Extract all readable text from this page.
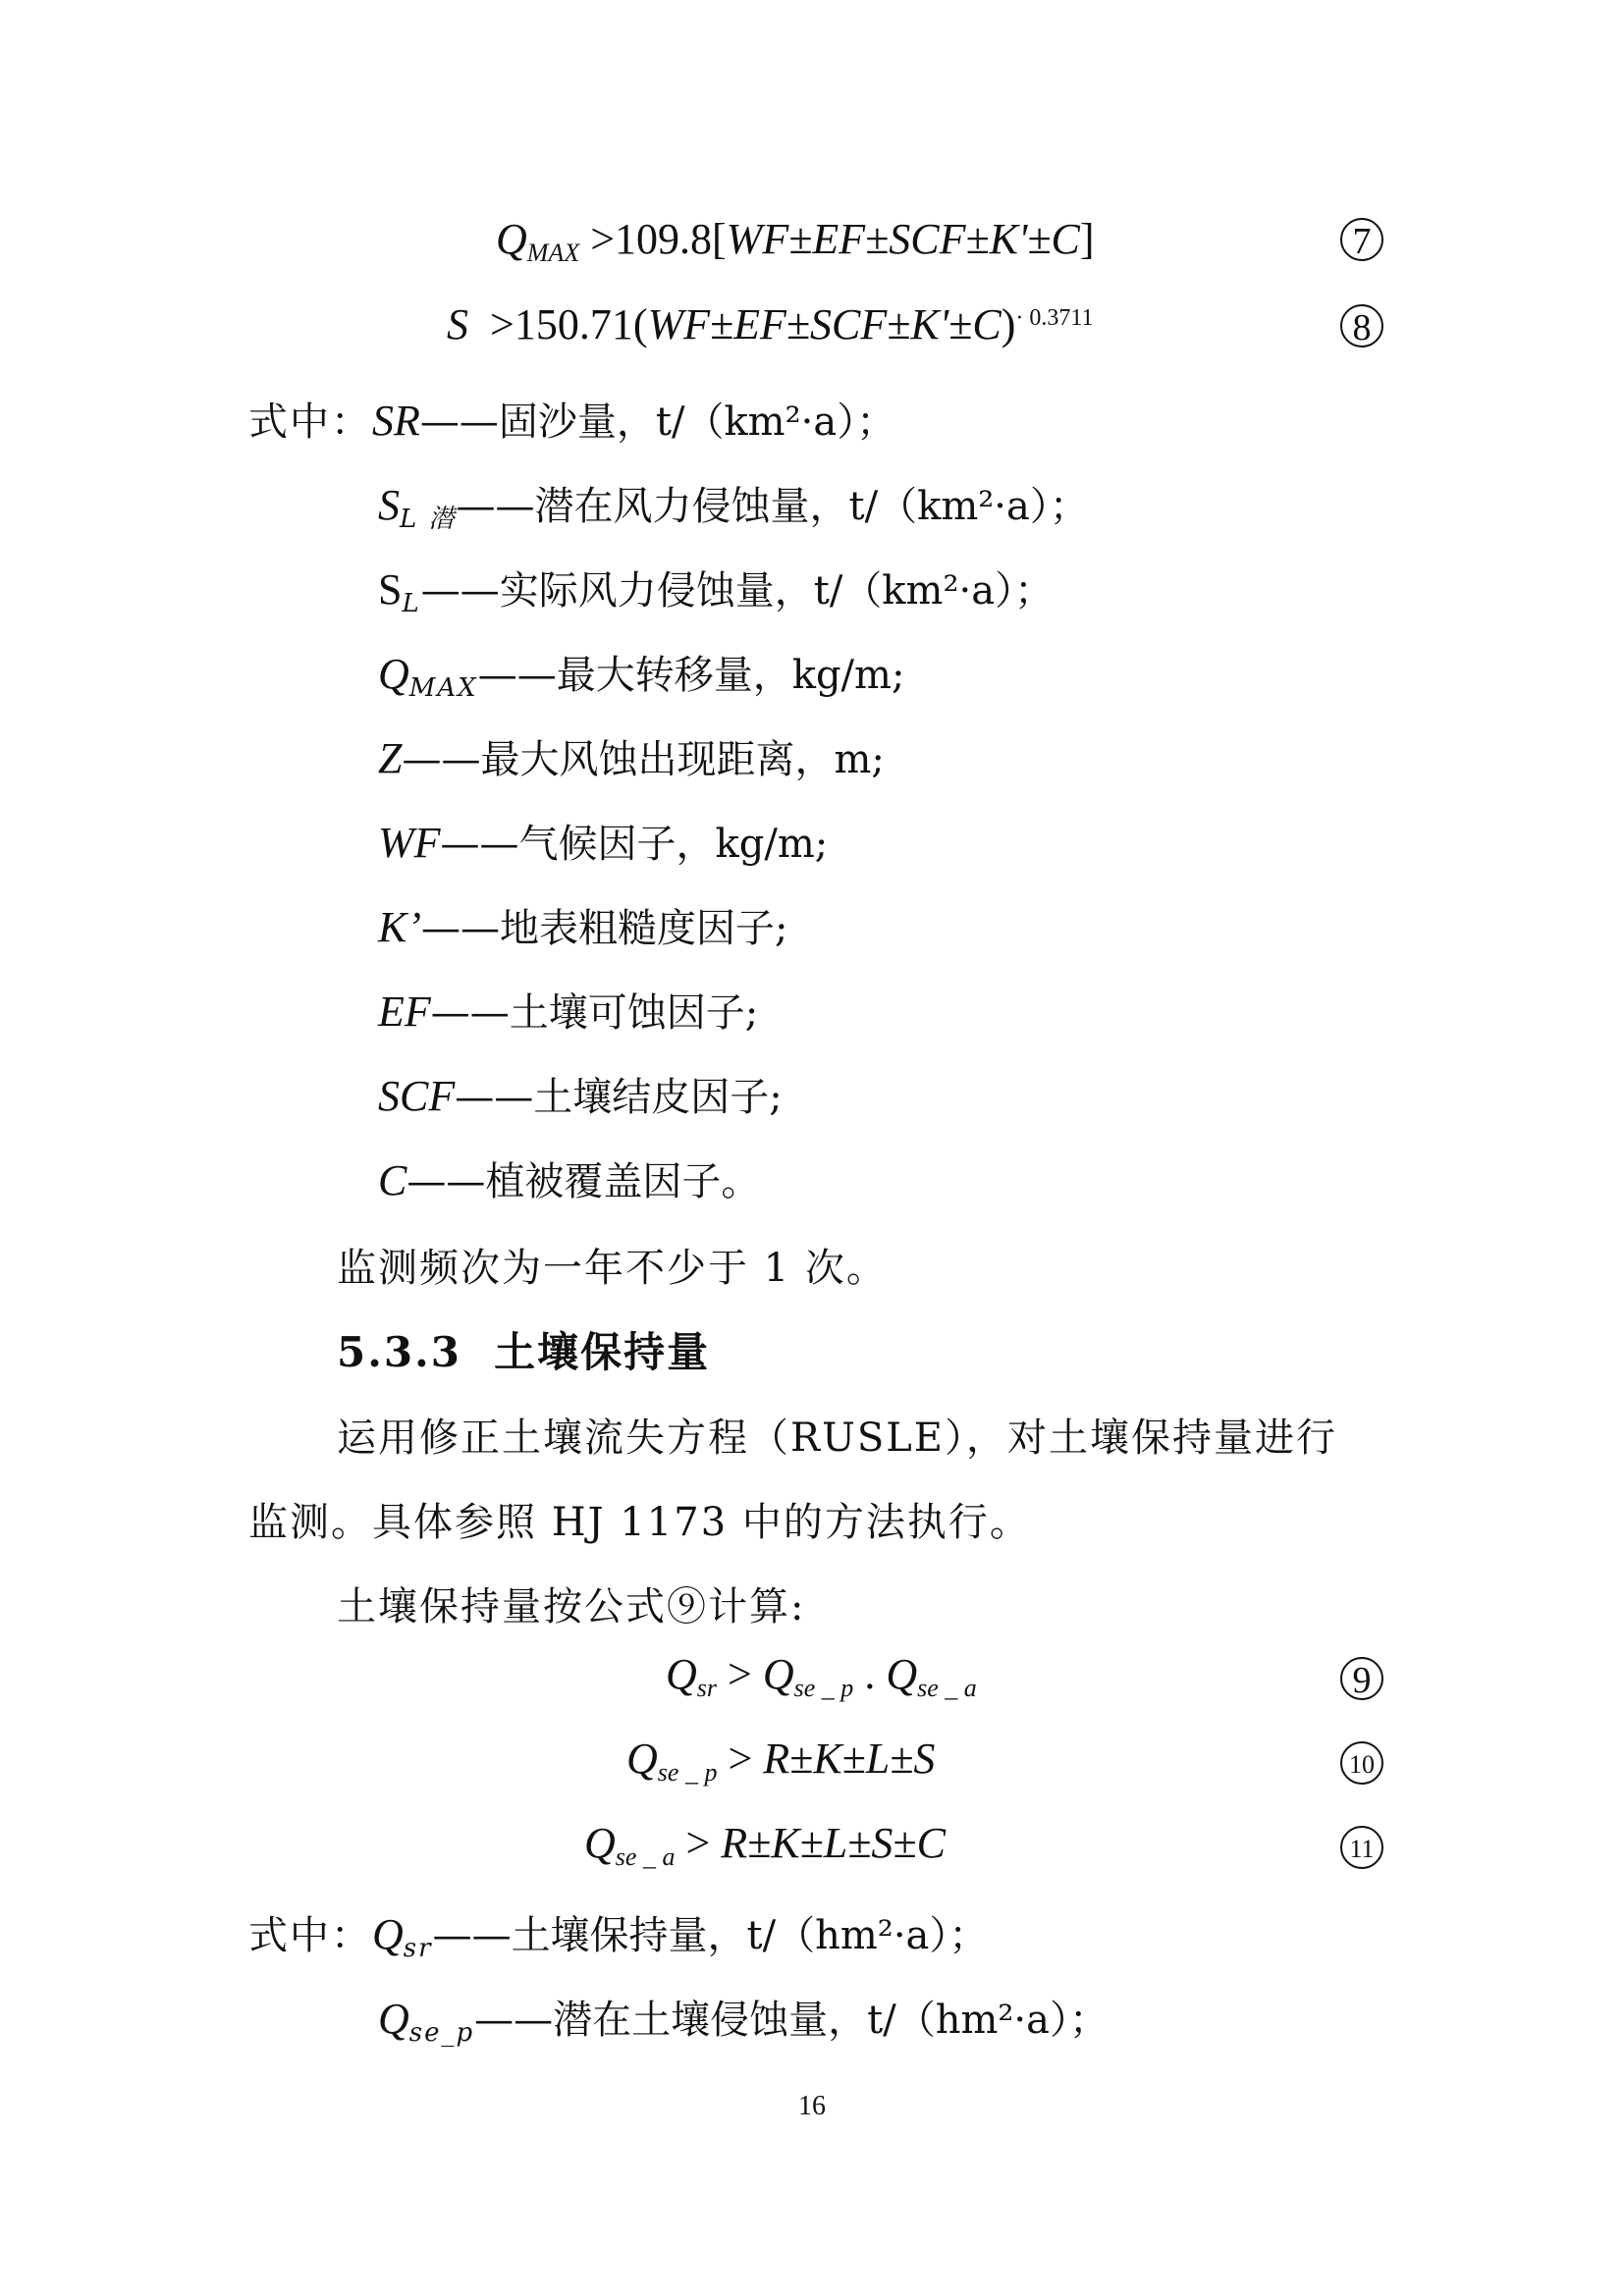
$Q_{MAX} >109.8[WF\pm EF\pm SCF\pm K'\pm C]$	7
$S >150.71(WF\pm EF\pm SCF\pm K'\pm C)^{\cdot 0.3711}$	8
式中：SR——固沙量，t/（km²·a）；
$S_{L 潜}——$潜在风力侵蚀量，t/（km²·a）；
$S_L——$实际风力侵蚀量，t/（km²·a）；
$Q_{MAX}——$最大转移量，kg/m;
Z——最大风蚀出现距离，m;
WF——气候因子，kg/m;
K’——地表粗糙度因子;
EF——土壤可蚀因子;
SCF——土壤结皮因子;
C——植被覆盖因子。
监测频次为一年不少于 1 次。
5.3.3 土壤保持量
运用修正土壤流失方程（RUSLE），对土壤保持量进行
监测。具体参照 HJ 1173 中的方法执行。
土壤保持量按公式⑨计算:
$Q_{sr} > Q_{se \_ p}$ . $Q_{se \_ a}$	9
$Q_{se \_ p} > R\pm K\pm L\pm S$	10
$Q_{se \_ a} > R\pm K\pm L\pm S\pm C$	11
式中：$Q_{sr}——$土壤保持量，t/（hm²·a）；
$Q_{se\_p}——$潜在土壤侵蚀量，t/（hm²·a）；
16
